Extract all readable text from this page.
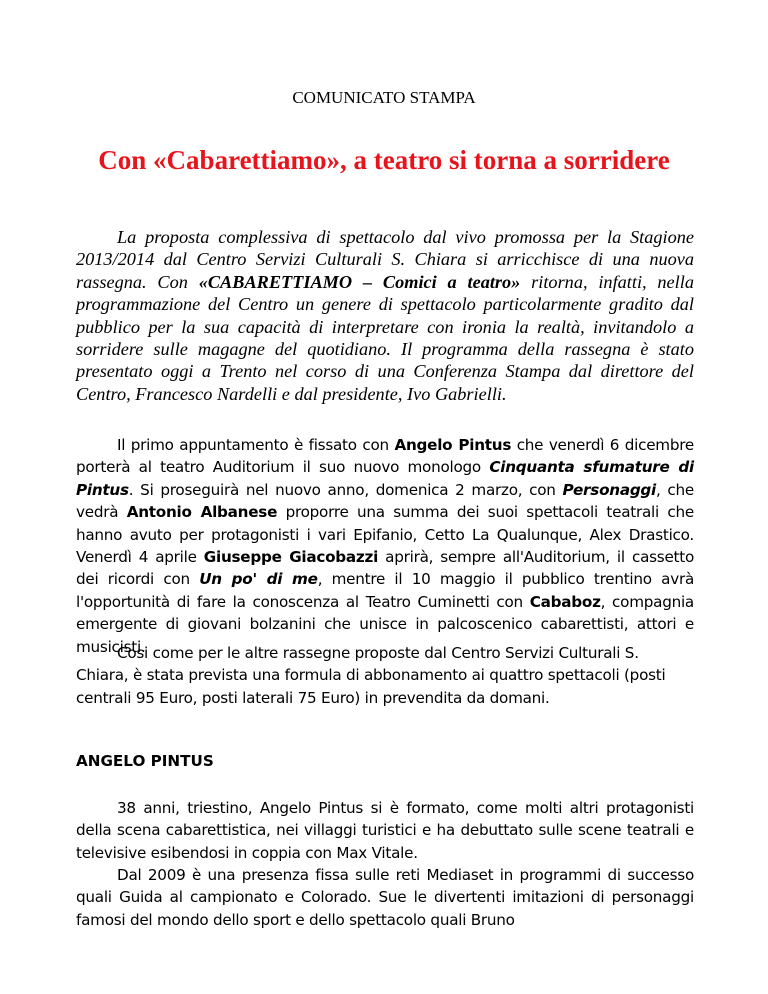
COMUNICATO STAMPA
Con «Cabarettiamo», a teatro si torna a sorridere

La proposta complessiva di spettacolo dal vivo promossa per la Stagione 2013/2014 dal Centro Servizi Culturali S. Chiara si arricchisce di una nuova rassegna. Con «CABARETTIAMO – Comici a teatro» ritorna, infatti, nella programmazione del Centro un genere di spettacolo particolarmente gradito dal pubblico per la sua capacità di interpretare con ironia la realtà, invitandolo a sorridere sulle magagne del quotidiano. Il programma della rassegna è stato presentato oggi a Trento nel corso di una Conferenza Stampa dal direttore del Centro, Francesco Nardelli e dal presidente, Ivo Gabrielli.

Il primo appuntamento è fissato con Angelo Pintus che venerdì 6 dicembre porterà al teatro Auditorium il suo nuovo monologo Cinquanta sfumature di Pintus. Si proseguirà nel nuovo anno, domenica 2 marzo, con Personaggi, che vedrà Antonio Albanese proporre una summa dei suoi spettacoli teatrali che hanno avuto per protagonisti i vari Epifanio, Cetto La Qualunque, Alex Drastico. Venerdì 4 aprile Giuseppe Giacobazzi aprirà, sempre all'Auditorium, il cassetto dei ricordi con Un po' di me, mentre il 10 maggio il pubblico trentino avrà l'opportunità di fare la conoscenza al Teatro Cuminetti con Cababoz, compagnia emergente di giovani bolzanini che unisce in palcoscenico cabarettisti, attori e musicisti.

Cosi come per le altre rassegne proposte dal Centro Servizi Culturali S. Chiara, è stata prevista una formula di abbonamento ai quattro spettacoli (posti centrali 95 Euro, posti laterali 75 Euro) in prevendita da domani.

ANGELO PINTUS

38 anni, triestino, Angelo Pintus si è formato, come molti altri protagonisti della scena cabarettistica, nei villaggi turistici e ha debuttato sulle scene teatrali e televisive esibendosi in coppia con Max Vitale.

Dal 2009 è una presenza fissa sulle reti Mediaset in programmi di successo quali Guida al campionato e Colorado. Sue le divertenti imitazioni di personaggi famosi del mondo dello sport e dello spettacolo quali Bruno
